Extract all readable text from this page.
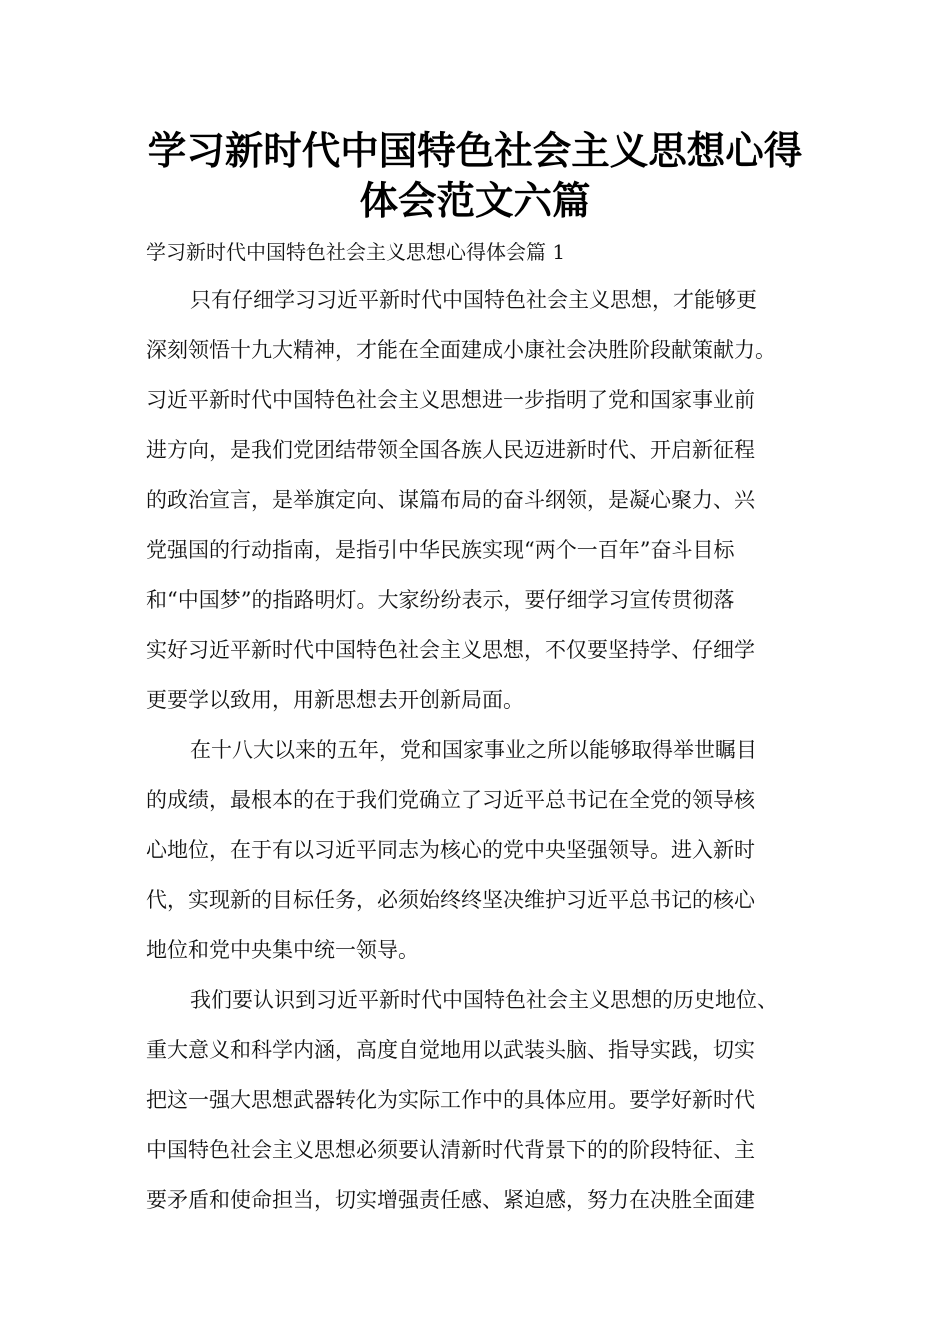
学习新时代中国特色社会主义思想心得
体会范文六篇
学习新时代中国特色社会主义思想心得体会篇 1
只有仔细学习习近平新时代中国特色社会主义思想，才能够更
深刻领悟十九大精神，才能在全面建成小康社会决胜阶段献策献力。
习近平新时代中国特色社会主义思想进一步指明了党和国家事业前
进方向，是我们党团结带领全国各族人民迈进新时代、开启新征程
的政治宣言，是举旗定向、谋篇布局的奋斗纲领，是凝心聚力、兴
党强国的行动指南，是指引中华民族实现“两个一百年”奋斗目标
和“中国梦”的指路明灯。大家纷纷表示，要仔细学习宣传贯彻落
实好习近平新时代中国特色社会主义思想，不仅要坚持学、仔细学
更要学以致用，用新思想去开创新局面。
在十八大以来的五年，党和国家事业之所以能够取得举世瞩目
的成绩，最根本的在于我们党确立了习近平总书记在全党的领导核
心地位，在于有以习近平同志为核心的党中央坚强领导。进入新时
代，实现新的目标任务，必须始终终坚决维护习近平总书记的核心
地位和党中央集中统一领导。
我们要认识到习近平新时代中国特色社会主义思想的历史地位、
重大意义和科学内涵，高度自觉地用以武装头脑、指导实践，切实
把这一强大思想武器转化为实际工作中的具体应用。要学好新时代
中国特色社会主义思想必须要认清新时代背景下的的阶段特征、主
要矛盾和使命担当，切实增强责任感、紧迫感，努力在决胜全面建
